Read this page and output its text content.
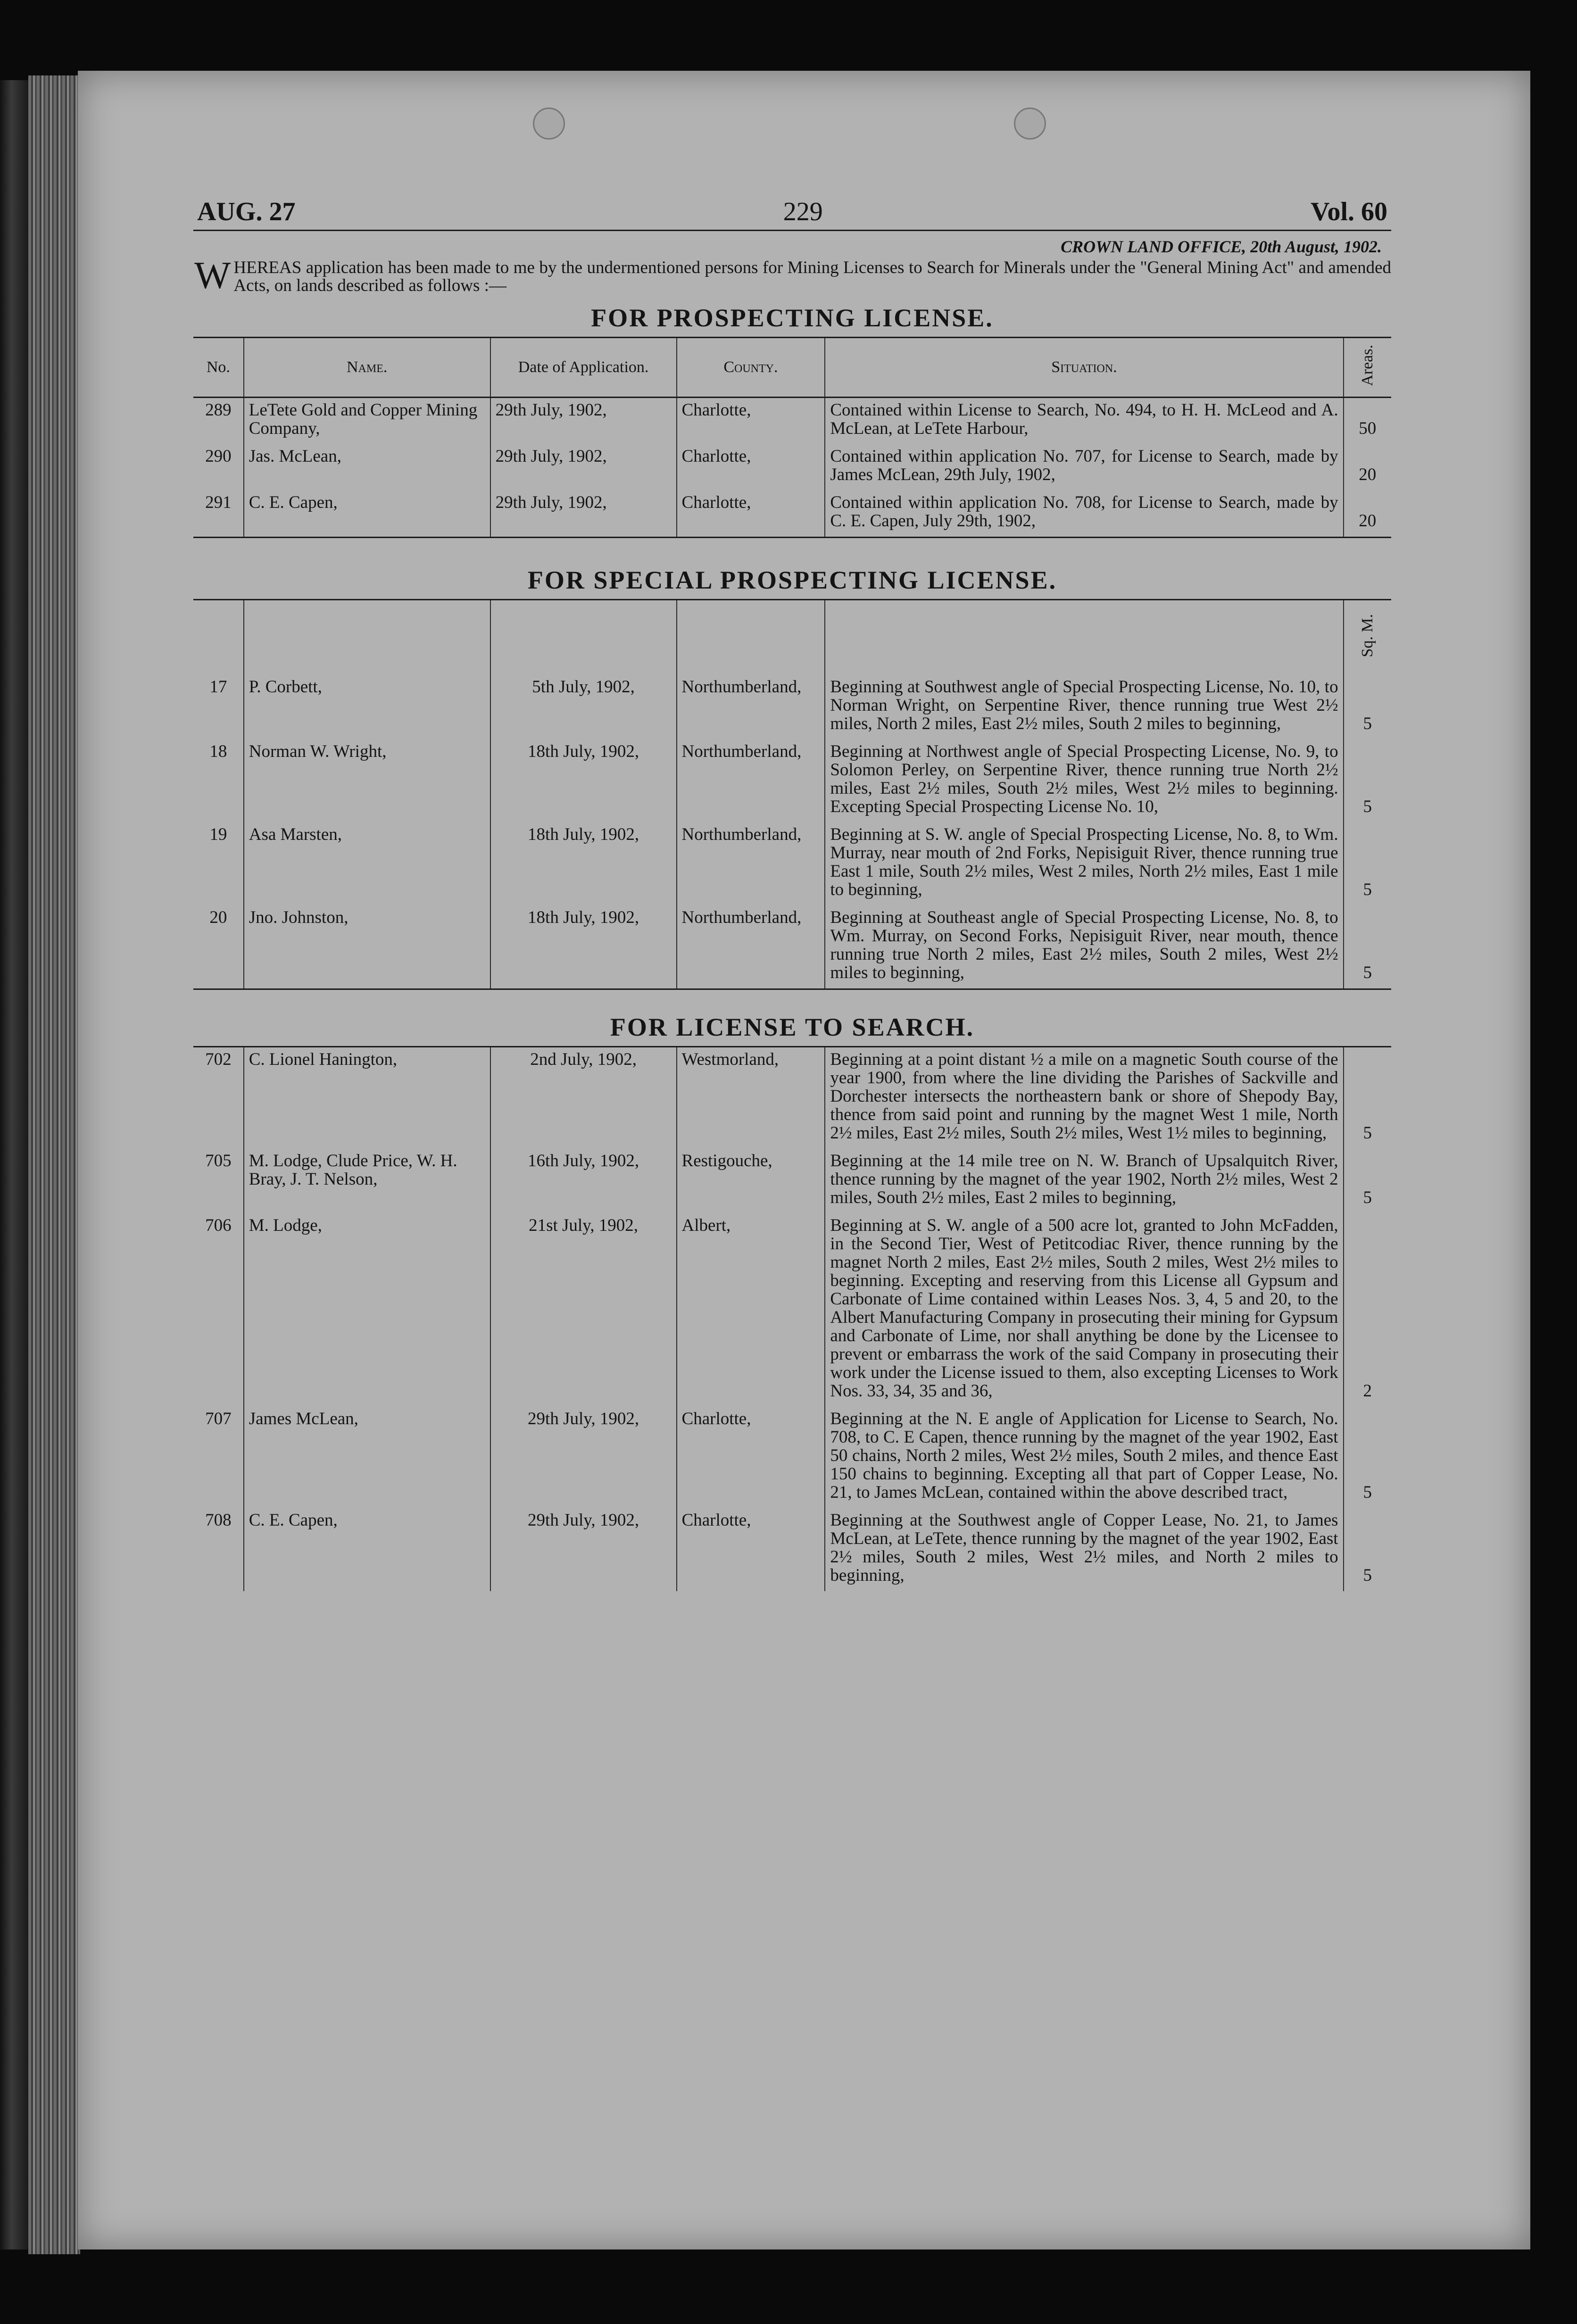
AUG. 27	229	Vol. 60
CROWN LAND OFFICE, 20th August, 1902.
W HEREAS application has been made to me by the undermentioned persons for Mining Licenses to Search for Minerals under the "General Mining Act" and amended Acts, on lands described as follows :—
FOR PROSPECTING LICENSE.
No.	Name.	Date of Application.	County.	Situation.	Areas.
289	LeTete Gold and Copper Mining Company,	29th July, 1902,	Charlotte,	Contained within License to Search, No. 494, to H. H. McLeod and A. McLean, at LeTete Harbour,	50
290	Jas. McLean,	29th July, 1902,	Charlotte,	Contained within application No. 707, for License to Search, made by James McLean, 29th July, 1902,	20
291	C. E. Capen,	29th July, 1902,	Charlotte,	Contained within application No. 708, for License to Search, made by C. E. Capen, July 29th, 1902,	20
FOR SPECIAL PROSPECTING LICENSE.
					Sq. M.
17	P. Corbett,	5th July, 1902,	Northumberland,	Beginning at Southwest angle of Special Prospecting License, No. 10, to Norman Wright, on Serpentine River, thence running true West 2½ miles, North 2 miles, East 2½ miles, South 2 miles to beginning,	5
18	Norman W. Wright,	18th July, 1902,	Northumberland,	Beginning at Northwest angle of Special Prospecting License, No. 9, to Solomon Perley, on Serpentine River, thence running true North 2½ miles, East 2½ miles, South 2½ miles, West 2½ miles to beginning. Excepting Special Prospecting License No. 10,	5
19	Asa Marsten,	18th July, 1902,	Northumberland,	Beginning at S. W. angle of Special Prospecting License, No. 8, to Wm. Murray, near mouth of 2nd Forks, Nepisiguit River, thence running true East 1 mile, South 2½ miles, West 2 miles, North 2½ miles, East 1 mile to beginning,	5
20	Jno. Johnston,	18th July, 1902,	Northumberland,	Beginning at Southeast angle of Special Prospecting License, No. 8, to Wm. Murray, on Second Forks, Nepisiguit River, near mouth, thence running true North 2 miles, East 2½ miles, South 2 miles, West 2½ miles to beginning,	5
FOR LICENSE TO SEARCH.
702	C. Lionel Hanington,	2nd July, 1902,	Westmorland,	Beginning at a point distant ½ a mile on a magnetic South course of the year 1900, from where the line dividing the Parishes of Sackville and Dorchester intersects the northeastern bank or shore of Shepody Bay, thence from said point and running by the magnet West 1 mile, North 2½ miles, East 2½ miles, South 2½ miles, West 1½ miles to beginning,	5
705	M. Lodge, Clude Price, W. H. Bray, J. T. Nelson,	16th July, 1902,	Restigouche,	Beginning at the 14 mile tree on N. W. Branch of Upsalquitch River, thence running by the magnet of the year 1902, North 2½ miles, West 2 miles, South 2½ miles, East 2 miles to beginning,	5
706	M. Lodge,	21st July, 1902,	Albert,	Beginning at S. W. angle of a 500 acre lot, granted to John McFadden, in the Second Tier, West of Petitcodiac River, thence running by the magnet North 2 miles, East 2½ miles, South 2 miles, West 2½ miles to beginning. Excepting and reserving from this License all Gypsum and Carbonate of Lime contained within Leases Nos. 3, 4, 5 and 20, to the Albert Manufacturing Company in prosecuting their mining for Gypsum and Carbonate of Lime, nor shall anything be done by the Licensee to prevent or embarrass the work of the said Company in prosecuting their work under the License issued to them, also excepting Licenses to Work Nos. 33, 34, 35 and 36,	2
707	James McLean,	29th July, 1902,	Charlotte,	Beginning at the N. E angle of Application for License to Search, No. 708, to C. E Capen, thence running by the magnet of the year 1902, East 50 chains, North 2 miles, West 2½ miles, South 2 miles, and thence East 150 chains to beginning. Excepting all that part of Copper Lease, No. 21, to James McLean, contained within the above described tract,	5
708	C. E. Capen,	29th July, 1902,	Charlotte,	Beginning at the Southwest angle of Copper Lease, No. 21, to James McLean, at LeTete, thence running by the magnet of the year 1902, East 2½ miles, South 2 miles, West 2½ miles, and North 2 miles to beginning,	5
